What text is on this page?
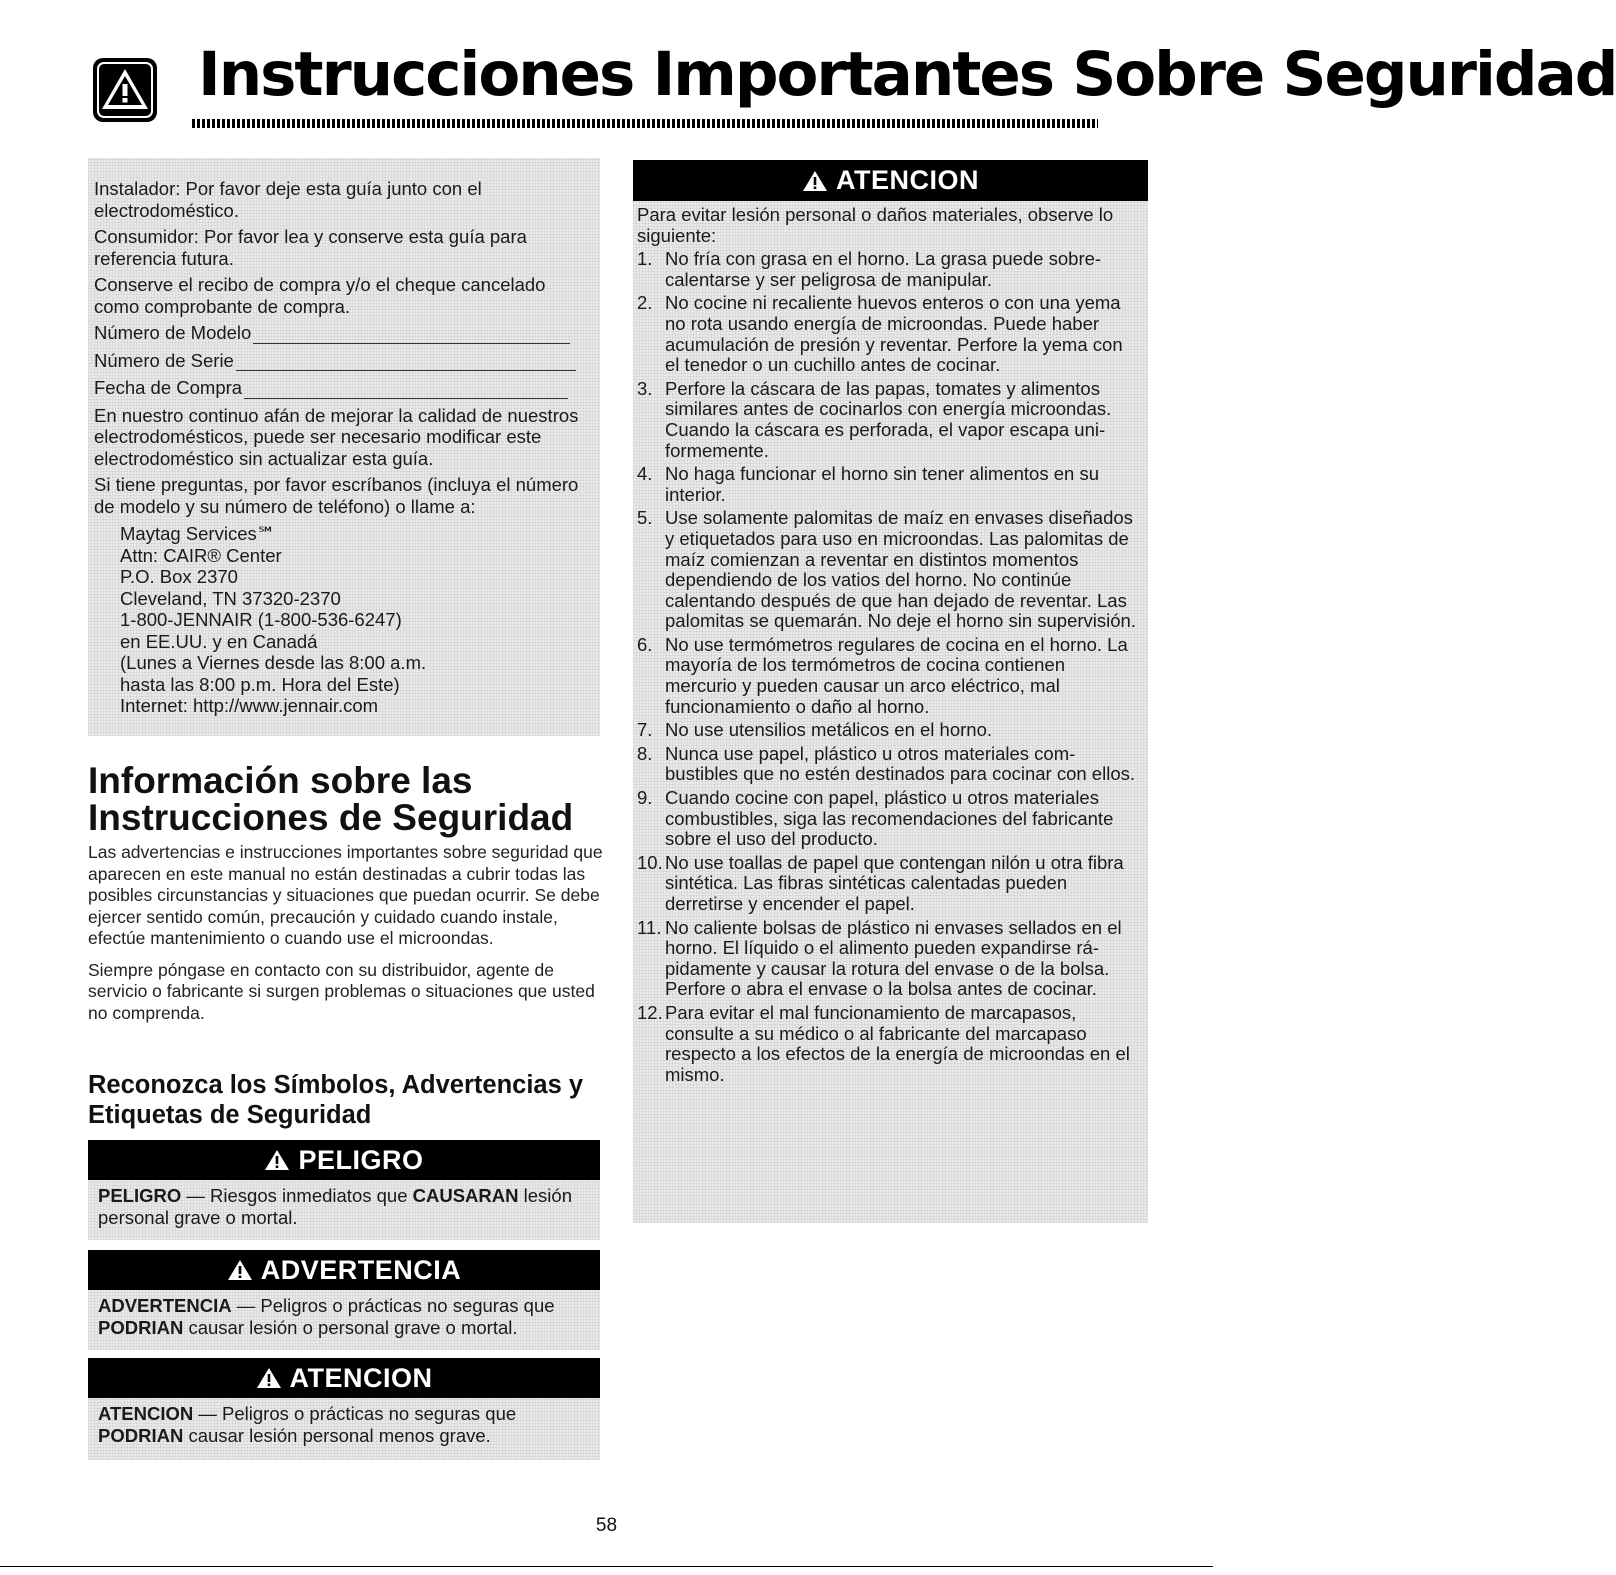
Instrucciones Importantes Sobre Seguridad

Instalador: Por favor deje esta guía junto con el electrodoméstico.

Consumidor: Por favor lea y conserve esta guía para referencia futura.

Conserve el recibo de compra y/o el cheque cancelado como comprobante de compra.

Número de Modelo
Número de Serie
Fecha de Compra

En nuestro continuo afán de mejorar la calidad de nuestros electrodomésticos, puede ser necesario modificar este electrodoméstico sin actualizar esta guía.

Si tiene preguntas, por favor escríbanos (incluya el número de modelo y su número de teléfono) o llame a:

Maytag Services℠
Attn: CAIR® Center
P.O. Box 2370
Cleveland, TN 37320-2370
1-800-JENNAIR (1-800-536-6247)
en EE.UU. y en Canadá
(Lunes a Viernes desde las 8:00 a.m.
hasta las 8:00 p.m. Hora del Este)
Internet: http://www.jennair.com
Información sobre las Instrucciones de Seguridad

Las advertencias e instrucciones importantes sobre seguridad que aparecen en este manual no están destinadas a cubrir todas las posibles circunstancias y situaciones que puedan ocurrir. Se debe ejercer sentido común, precaución y cuidado cuando instale, efectúe mantenimiento o cuando use el microondas.

Siempre póngase en contacto con su distribuidor, agente de servicio o fabricante si surgen problemas o situaciones que usted no comprenda.

Reconozca los Símbolos, Advertencias y Etiquetas de Seguridad
PELIGRO
PELIGRO — Riesgos inmediatos que CAUSARAN lesión personal grave o mortal.
ADVERTENCIA
ADVERTENCIA — Peligros o prácticas no seguras que PODRIAN causar lesión o personal grave o mortal.
ATENCION
ATENCION — Peligros o prácticas no seguras que PODRIAN causar lesión personal menos grave.
ATENCION

Para evitar lesión personal o daños materiales, observe lo siguiente:

1. No fría con grasa en el horno. La grasa puede sobre-calentarse y ser peligrosa de manipular.
2. No cocine ni recaliente huevos enteros o con una yema no rota usando energía de microondas. Puede haber acumulación de presión y reventar. Perfore la yema con el tenedor o un cuchillo antes de cocinar.
3. Perfore la cáscara de las papas, tomates y alimentos similares antes de cocinarlos con energía microondas. Cuando la cáscara es perforada, el vapor escapa uni-formemente.
4. No haga funcionar el horno sin tener alimentos en su interior.
5. Use solamente palomitas de maíz en envases diseñados y etiquetados para uso en microondas. Las palomitas de maíz comienzan a reventar en distintos momentos dependiendo de los vatios del horno. No continúe calentando después de que han dejado de reventar. Las palomitas se quemarán. No deje el horno sin supervisión.
6. No use termómetros regulares de cocina en el horno. La mayoría de los termómetros de cocina contienen mercurio y pueden causar un arco eléctrico, mal funcionamiento o daño al horno.
7. No use utensilios metálicos en el horno.
8. Nunca use papel, plástico u otros materiales com-bustibles que no estén destinados para cocinar con ellos.
9. Cuando cocine con papel, plástico u otros materiales combustibles, siga las recomendaciones del fabricante sobre el uso del producto.
10. No use toallas de papel que contengan nilón u otra fibra sintética. Las fibras sintéticas calentadas pueden derretirse y encender el papel.
11. No caliente bolsas de plástico ni envases sellados en el horno. El líquido o el alimento pueden expandirse rá-pidamente y causar la rotura del envase o de la bolsa. Perfore o abra el envase o la bolsa antes de cocinar.
12. Para evitar el mal funcionamiento de marcapasos, consulte a su médico o al fabricante del marcapaso respecto a los efectos de la energía de microondas en el mismo.
58
